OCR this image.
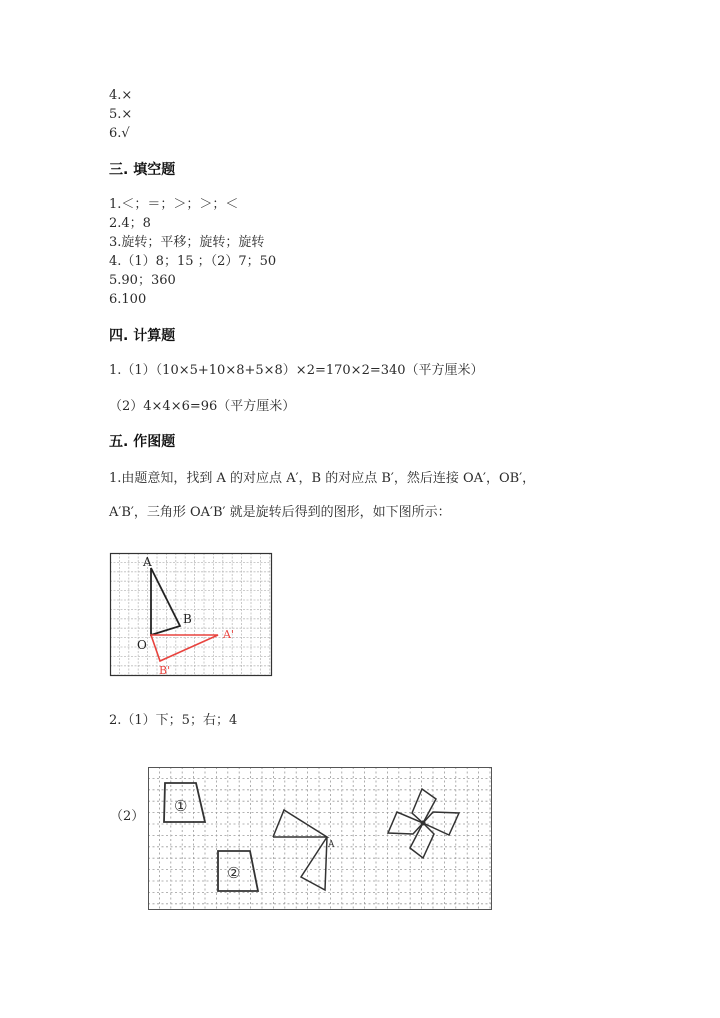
4.×
5.×
6.√
三. 填空题
1.＜；＝；＞；＞；＜
2.4；8
3.旋转；平移；旋转；旋转
4.（1）8；15 ；（2）7；50
5.90；360
6.100
四. 计算题
1.（1）（10×5+10×8+5×8）×2=170×2=340（平方厘米）
（2）4×4×6=96（平方厘米）
五. 作图题
1.由题意知，找到 A 的对应点 A′，B 的对应点 B′，然后连接 OA′，OB′，
A′B′，三角形 OA′B′ 就是旋转后得到的图形，如下图所示：
A
B
O
A'
B'
2.（1）下；5；右；4
（2）
①
②
A
